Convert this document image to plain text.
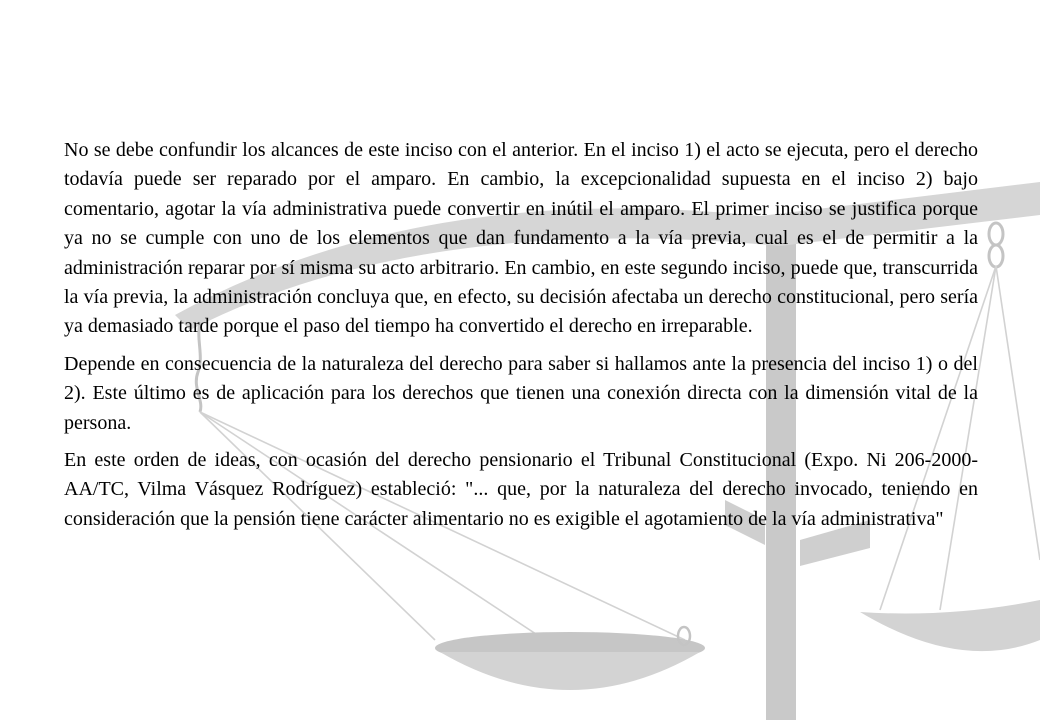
No se debe confundir los alcances de este inciso con el anterior. En el inciso 1) el acto se ejecuta, pero el derecho todavía puede ser reparado por el amparo. En cambio, la excepcionalidad supuesta en el inciso 2) bajo comentario, agotar la vía administrativa puede convertir en inútil el amparo. El primer inciso se justifica porque ya no se cumple con uno de los elementos que dan fundamento a la vía previa, cual es el de permitir a la administración reparar por sí misma su acto arbitrario. En cambio, en este segundo inciso, puede que, transcurrida la vía previa, la administración concluya que, en efecto, su decisión afectaba un derecho constitucional, pero sería ya demasiado tarde porque el paso del tiempo ha convertido el derecho en irreparable.

Depende en consecuencia de la naturaleza del derecho para saber si hallamos ante la presencia del inciso 1) o del 2). Este último es de aplicación para los derechos que tienen una conexión directa con la dimensión vital de la persona.

En este orden de ideas, con ocasión del derecho pensionario el Tribunal Constitucional (Expo. Ni 206-2000-AA/TC, Vilma Vásquez Rodríguez) estableció: "... que, por la naturaleza del derecho invocado, teniendo en consideración que la pensión tiene carácter alimentario no es exigible el agotamiento de la vía administrativa"
